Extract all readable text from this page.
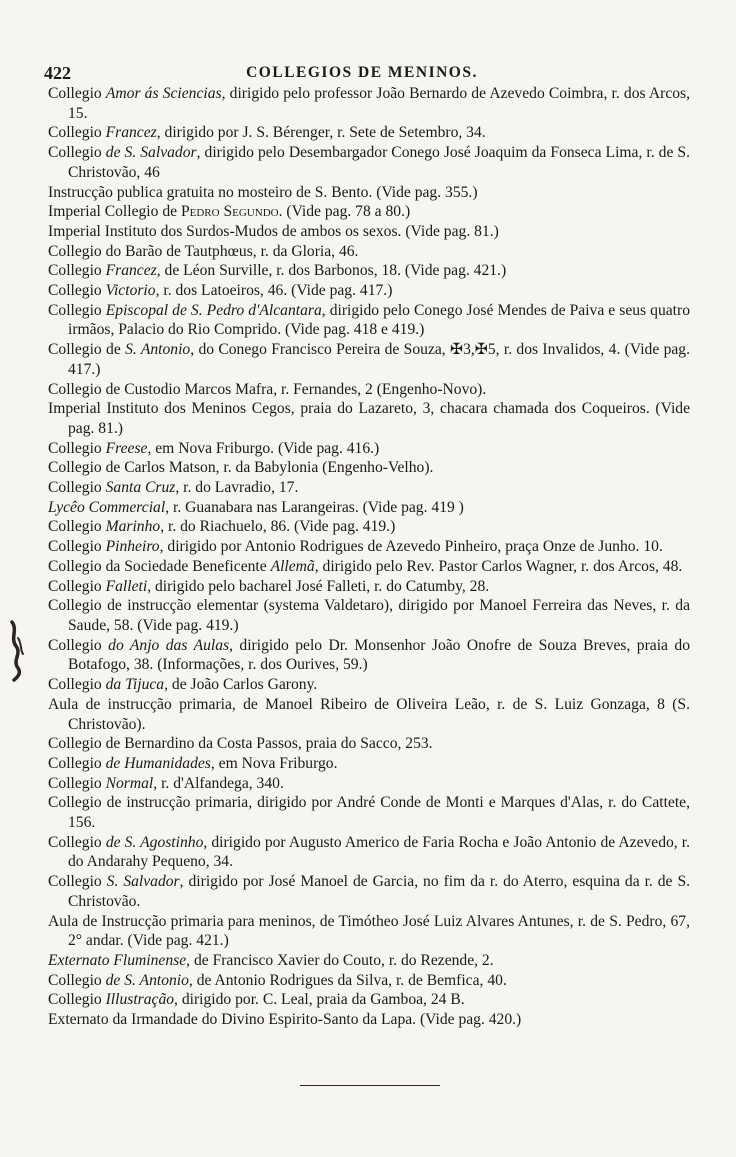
422	COLLEGIOS DE MENINOS.

Collegio Amor ás Sciencias, dirigido pelo professor João Bernardo de Azevedo Coimbra, r. dos Arcos, 15.

Collegio Francez, dirigido por J. S. Bérenger, r. Sete de Setembro, 34.

Collegio de S. Salvador, dirigido pelo Desembargador Conego José Joaquim da Fonseca Lima, r. de S. Christovão, 46

Instrucção publica gratuita no mosteiro de S. Bento. (Vide pag. 355.)

Imperial Collegio de Pedro Segundo. (Vide pag. 78 a 80.)

Imperial Instituto dos Surdos-Mudos de ambos os sexos. (Vide pag. 81.)

Collegio do Barão de Tautphœus, r. da Gloria, 46.

Collegio Francez, de Léon Surville, r. dos Barbonos, 18. (Vide pag. 421.)

Collegio Victorio, r. dos Latoeiros, 46. (Vide pag. 417.)

Collegio Episcopal de S. Pedro d'Alcantara, dirigido pelo Conego José Mendes de Paiva e seus quatro irmãos, Palacio do Rio Comprido. (Vide pag. 418 e 419.)

Collegio de S. Antonio, do Conego Francisco Pereira de Souza, ✠3,✠5, r. dos Invalidos, 4. (Vide pag. 417.)

Collegio de Custodio Marcos Mafra, r. Fernandes, 2 (Engenho-Novo).

Imperial Instituto dos Meninos Cegos, praia do Lazareto, 3, chacara chamada dos Coqueiros. (Vide pag. 81.)

Collegio Freese, em Nova Friburgo. (Vide pag. 416.)

Collegio de Carlos Matson, r. da Babylonia (Engenho-Velho).

Collegio Santa Cruz, r. do Lavradio, 17.

Lycêo Commercial, r. Guanabara nas Larangeiras. (Vide pag. 419 )

Collegio Marinho, r. do Riachuelo, 86. (Vide pag. 419.)

Collegio Pinheiro, dirigido por Antonio Rodrigues de Azevedo Pinheiro, praça Onze de Junho. 10.

Collegio da Sociedade Beneficente Allemã, dirigido pelo Rev. Pastor Carlos Wagner, r. dos Arcos, 48.

Collegio Falleti, dirigido pelo bacharel José Falleti, r. do Catumby, 28.

Collegio de instrucção elementar (systema Valdetaro), dirigido por Manoel Ferreira das Neves, r. da Saude, 58. (Vide pag. 419.)

Collegio do Anjo das Aulas, dirigido pelo Dr. Monsenhor João Onofre de Souza Breves, praia do Botafogo, 38. (Informações, r. dos Ourives, 59.)

Collegio da Tijuca, de João Carlos Garony.

Aula de instrucção primaria, de Manoel Ribeiro de Oliveira Leão, r. de S. Luiz Gonzaga, 8 (S. Christovão).

Collegio de Bernardino da Costa Passos, praia do Sacco, 253.

Collegio de Humanidades, em Nova Friburgo.

Collegio Normal, r. d'Alfandega, 340.

Collegio de instrucção primaria, dirigido por André Conde de Monti e Marques d'Alas, r. do Cattete, 156.

Collegio de S. Agostinho, dirigido por Augusto Americo de Faria Rocha e João Antonio de Azevedo, r. do Andarahy Pequeno, 34.

Collegio S. Salvador, dirigido por José Manoel de Garcia, no fim da r. do Aterro, esquina da r. de S. Christovão.

Aula de Instrucção primaria para meninos, de Timótheo José Luiz Alvares Antunes, r. de S. Pedro, 67, 2° andar. (Vide pag. 421.)

Externato Fluminense, de Francisco Xavier do Couto, r. do Rezende, 2.

Collegio de S. Antonio, de Antonio Rodrigues da Silva, r. de Bemfica, 40.

Collegio Illustração, dirigido por. C. Leal, praia da Gamboa, 24 B.

Externato da Irmandade do Divino Espirito-Santo da Lapa. (Vide pag. 420.)
